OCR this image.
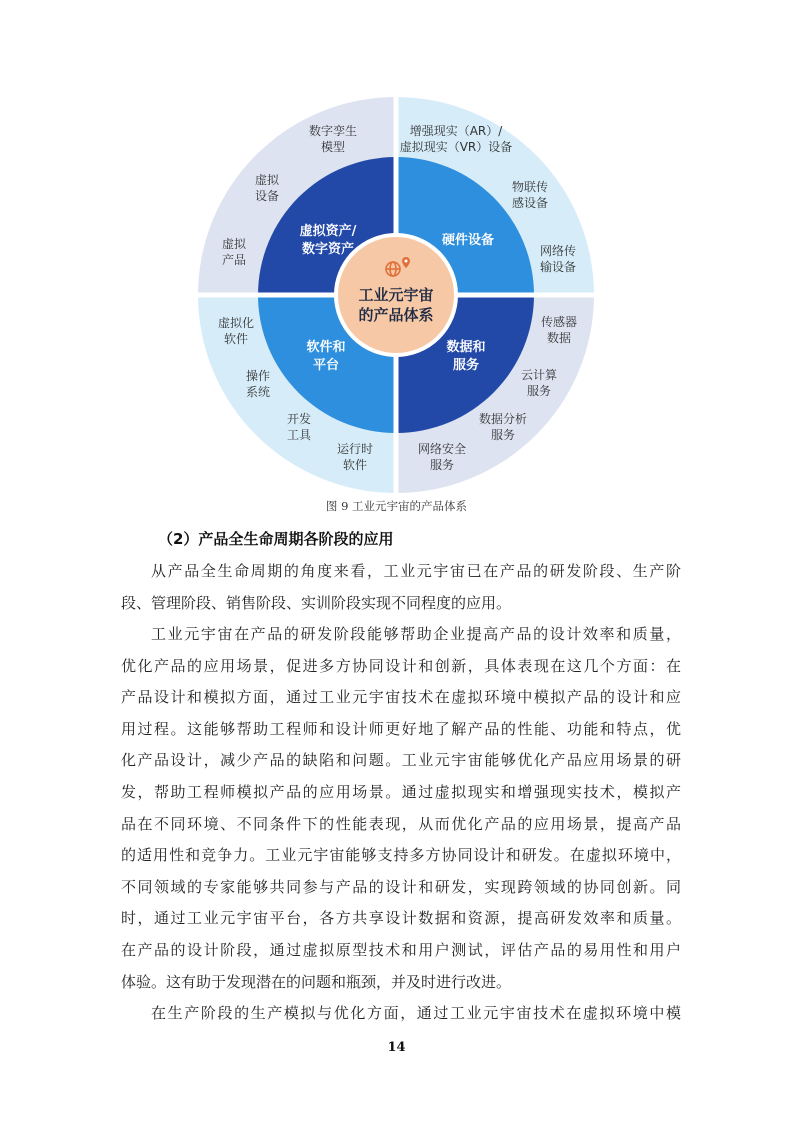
工业元宇宙
的产品体系
虚拟资产/
数字资产
硬件设备
软件和
平台
数据和
服务
数字孪生
模型
虚拟
设备
虚拟
产品
增强现实（AR）/
虚拟现实（VR）设备
物联传
感设备
网络传
输设备
虚拟化
软件
操作
系统
开发
工具
运行时
软件
传感器
数据
云计算
服务
数据分析
服务
网络安全
服务
图 9 工业元宇宙的产品体系
（2）产品全生命周期各阶段的应用
从产品全生命周期的角度来看，工业元宇宙已在产品的研发阶段、生产阶
段、管理阶段、销售阶段、实训阶段实现不同程度的应用。
工业元宇宙在产品的研发阶段能够帮助企业提高产品的设计效率和质量，
优化产品的应用场景，促进多方协同设计和创新，具体表现在这几个方面：在
产品设计和模拟方面，通过工业元宇宙技术在虚拟环境中模拟产品的设计和应
用过程。这能够帮助工程师和设计师更好地了解产品的性能、功能和特点，优
化产品设计，减少产品的缺陷和问题。工业元宇宙能够优化产品应用场景的研
发，帮助工程师模拟产品的应用场景。通过虚拟现实和增强现实技术，模拟产
品在不同环境、不同条件下的性能表现，从而优化产品的应用场景，提高产品
的适用性和竞争力。工业元宇宙能够支持多方协同设计和研发。在虚拟环境中，
不同领域的专家能够共同参与产品的设计和研发，实现跨领域的协同创新。同
时，通过工业元宇宙平台，各方共享设计数据和资源，提高研发效率和质量。
在产品的设计阶段，通过虚拟原型技术和用户测试，评估产品的易用性和用户
体验。这有助于发现潜在的问题和瓶颈，并及时进行改进。
在生产阶段的生产模拟与优化方面，通过工业元宇宙技术在虚拟环境中模
14
